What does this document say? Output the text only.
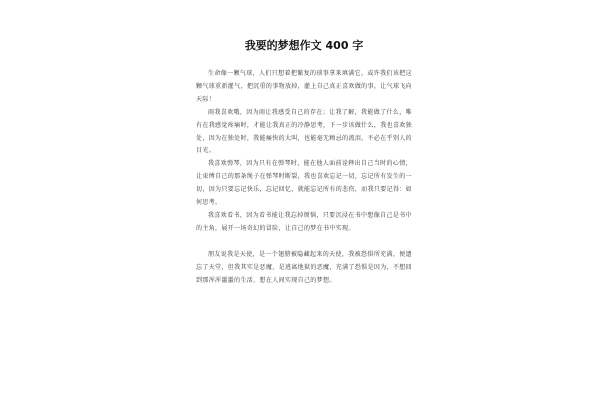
我要的梦想作文 400 字

生命像一颗气球，人们只想着把繁复的琐事拿来填满它，或许我们该把这颗气球重新灌气，把沉重的事物放掉，灌上自己真正喜欢做的事，让气球飞向天际！

雨我喜欢哦，因为雨让我感受自己的存在；让我了解，我能做了什么，唯有在我感觉疼痛时，才能让我真正的冷静思考，下一步该做什么，我也喜欢独处，因为在独处时，我能痛快的大叫，也能毫无顾忌的流泪，不必在乎别人的目光。

我喜欢弹琴，因为只有在弹琴时，能在他人面前诠释出自己当时的心情，让束缚自己的那条绳子在弹琴时断裂，我也喜欢忘记一切，忘记所有发生的一切，因为只要忘记快乐，忘记回忆，就能忘记所有的悲伤，而我只要记得：如何思考。

我喜欢看书，因为看书能让我忘掉烦恼，只要沉浸在书中想像自己是书中的主角，展开一场奇幻的冒险，让自己的梦在书中实现。

朋友说我是天使，是一个翅膀被隐藏起来的天使，我被恐惧所充满，便遗忘了天堂，但我其实是恶魔，是逃离地狱的恶魔，充满了恐惧是因为，不想回到那浑浑噩噩的生活，想在人间实现自己的梦想。
